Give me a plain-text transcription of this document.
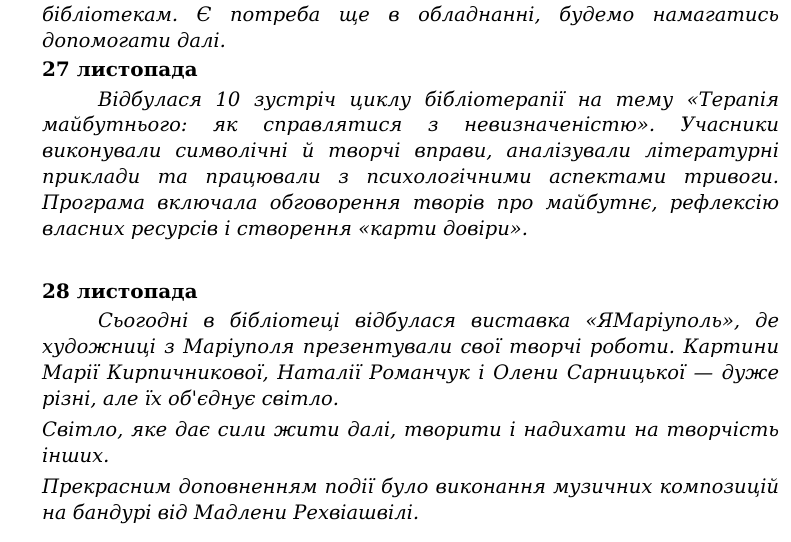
бібліотекам. Є потреба ще в обладнанні, будемо намагатись
допомогати далі.
27 листопада
Відбулася 10 зустріч циклу бібліотерапії на тему «Терапія
майбутнього: як справлятися з невизначеністю». Учасники
виконували символічні й творчі вправи, аналізували літературні
приклади та працювали з психологічними аспектами тривоги.
Програма включала обговорення творів про майбутнє, рефлексію
власних ресурсів і створення «карти довіри».
28 листопада
Сьогодні в бібліотеці відбулася виставка «ЯМаріуполь», де
художниці з Маріуполя презентували свої творчі роботи. Картини
Марії Кирпичникової, Наталії Романчук і Олени Сарницької — дуже
різні, але їх об'єднує світло.
Світло, яке дає сили жити далі, творити і надихати на творчість
інших.
Прекрасним доповненням події було виконання музичних композицій
на бандурі від Мадлени Рехвіашвілі.
